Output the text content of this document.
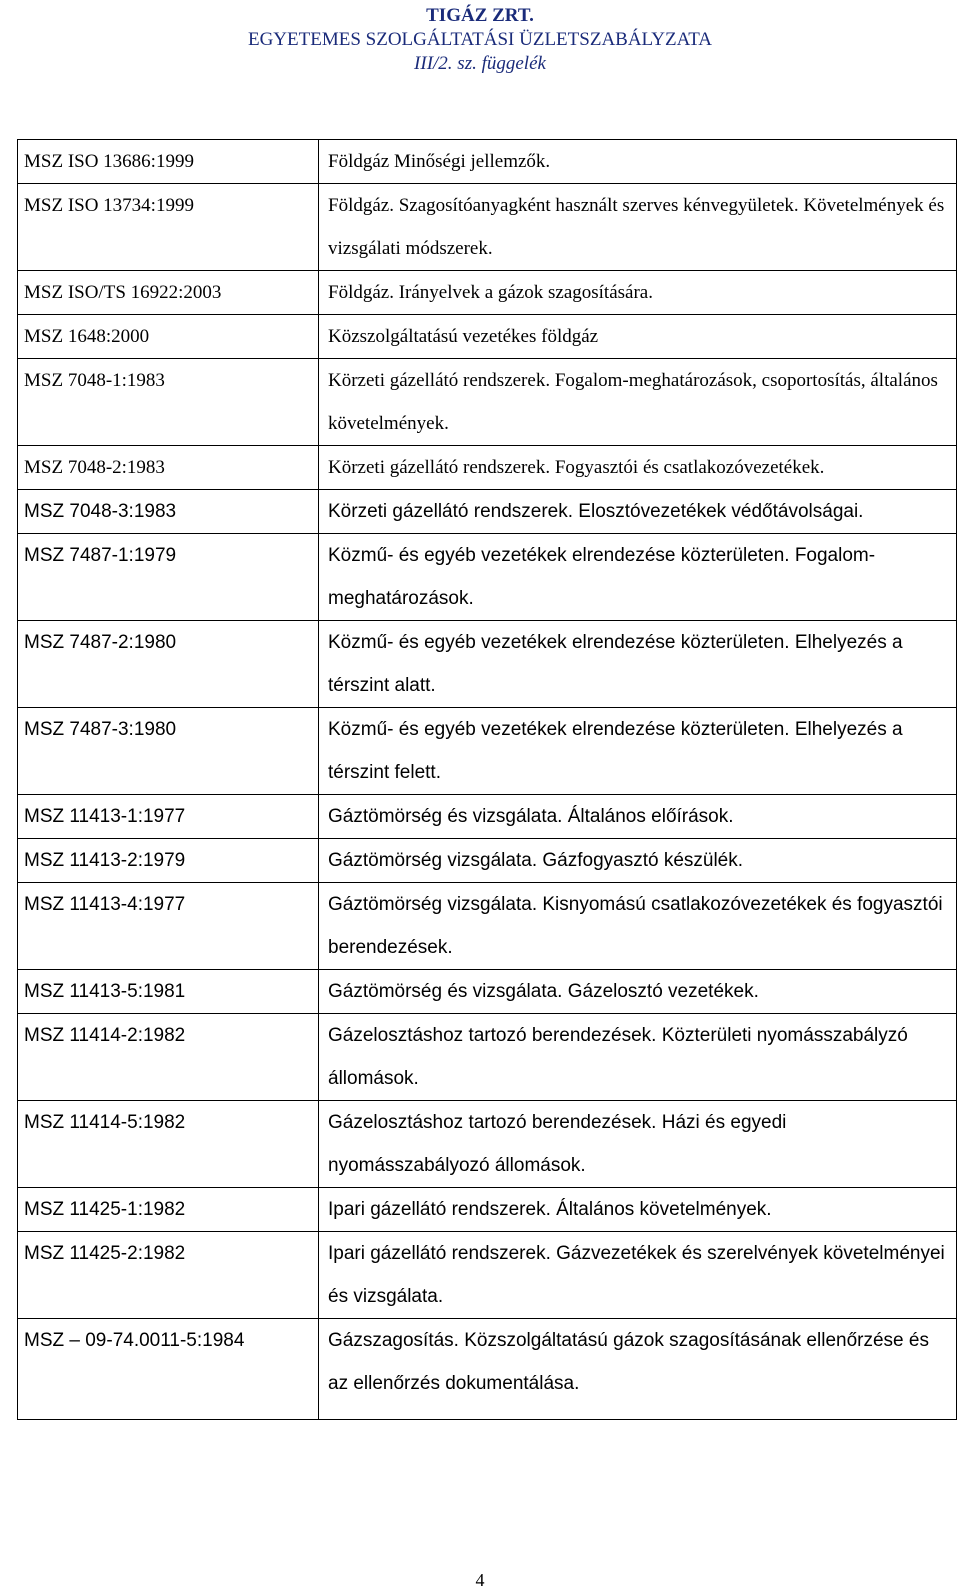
TIGÁZ ZRT.
EGYETEMES SZOLGÁLTATÁSI ÜZLETSZABÁLYZATA
III/2. sz. függelék
MSZ ISO 13686:1999	Földgáz Minőségi jellemzők.
MSZ ISO 13734:1999	Földgáz. Szagosítóanyagként használt szerves kénvegyületek. Követelmények és vizsgálati módszerek.
MSZ ISO/TS 16922:2003	Földgáz. Irányelvek a gázok szagosítására.
MSZ 1648:2000	Közszolgáltatású vezetékes földgáz
MSZ 7048-1:1983	Körzeti gázellátó rendszerek. Fogalom-meghatározások, csoportosítás, általános követelmények.
MSZ 7048-2:1983	Körzeti gázellátó rendszerek. Fogyasztói és csatlakozóvezetékek.
MSZ 7048-3:1983	Körzeti gázellátó rendszerek. Elosztóvezetékek védőtávolságai.
MSZ 7487-1:1979	Közmű- és egyéb vezetékek elrendezése közterületen. Fogalom-meghatározások.
MSZ 7487-2:1980	Közmű- és egyéb vezetékek elrendezése közterületen. Elhelyezés a térszint alatt.
MSZ 7487-3:1980	Közmű- és egyéb vezetékek elrendezése közterületen. Elhelyezés a térszint felett.
MSZ 11413-1:1977	Gáztömörség és vizsgálata. Általános előírások.
MSZ 11413-2:1979	Gáztömörség vizsgálata. Gázfogyasztó készülék.
MSZ 11413-4:1977	Gáztömörség vizsgálata. Kisnyomású csatlakozóvezetékek és fogyasztói berendezések.
MSZ 11413-5:1981	Gáztömörség és vizsgálata. Gázelosztó vezetékek.
MSZ 11414-2:1982	Gázelosztáshoz tartozó berendezések. Közterületi nyomásszabályzó állomások.
MSZ 11414-5:1982	Gázelosztáshoz tartozó berendezések. Házi és egyedi nyomásszabályozó állomások.
MSZ 11425-1:1982	Ipari gázellátó rendszerek. Általános követelmények.
MSZ 11425-2:1982	Ipari gázellátó rendszerek. Gázvezetékek és szerelvények követelményei és vizsgálata.
MSZ – 09-74.0011-5:1984	Gázszagosítás. Közszolgáltatású gázok szagosításának ellenőrzése és az ellenőrzés dokumentálása.
4
